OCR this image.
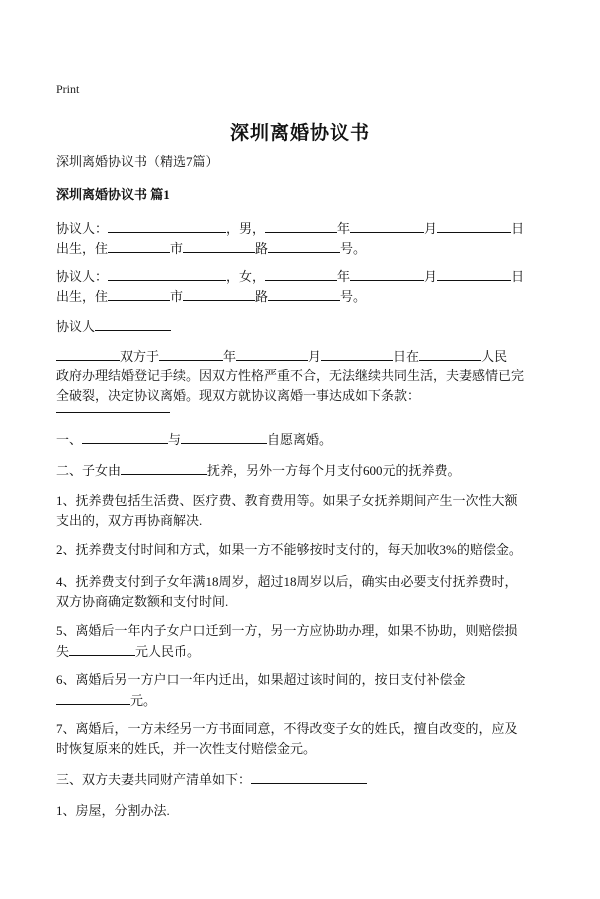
Print
深圳离婚协议书
深圳离婚协议书（精选7篇）
深圳离婚协议书 篇1
协议人：	，男，	年	月	日
出生，住	市	路	号。
协议人：	，女，	年	月	日
出生，住	市	路	号。
协议人
双方于	年	月	日在	人民
政府办理结婚登记手续。因双方性格严重不合，无法继续共同生活，夫妻感情已完
全破裂，决定协议离婚。现双方就协议离婚一事达成如下条款：
一、	与	自愿离婚。
二、子女由	抚养，另外一方每个月支付600元的抚养费。
1、抚养费包括生活费、医疗费、教育费用等。如果子女抚养期间产生一次性大额
支出的，双方再协商解决.
2、抚养费支付时间和方式，如果一方不能够按时支付的，每天加收3%的赔偿金。
4、抚养费支付到子女年满18周岁，超过18周岁以后，确实由必要支付抚养费时，
双方协商确定数额和支付时间.
5、离婚后一年内子女户口迁到一方，另一方应协助办理，如果不协助，则赔偿损
失	元人民币。
6、离婚后另一方户口一年内迁出，如果超过该时间的，按日支付补偿金
元。
7、离婚后，一方未经另一方书面同意，不得改变子女的姓氏，擅自改变的，应及
时恢复原来的姓氏，并一次性支付赔偿金元。
三、双方夫妻共同财产清单如下：
1、房屋，分割办法.
